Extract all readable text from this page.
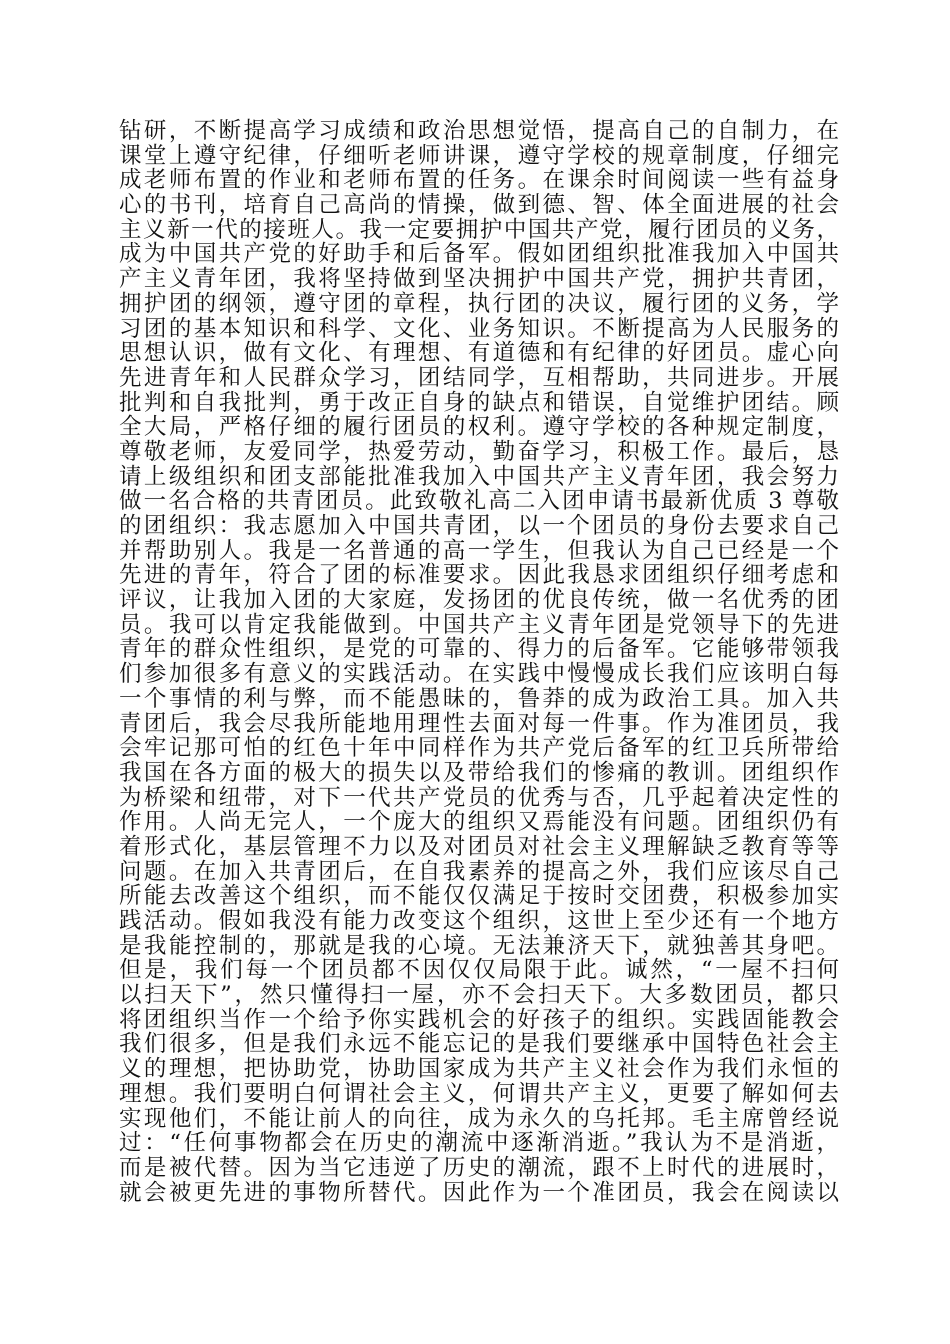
钻研，不断提高学习成绩和政治思想觉悟，提高自己的自制力，在
课堂上遵守纪律，仔细听老师讲课，遵守学校的规章制度，仔细完
成老师布置的作业和老师布置的任务。在课余时间阅读一些有益身
心的书刊，培育自己高尚的情操，做到德、智、体全面进展的社会
主义新一代的接班人。我一定要拥护中国共产党，履行团员的义务，
成为中国共产党的好助手和后备军。假如团组织批准我加入中国共
产主义青年团，我将坚持做到坚决拥护中国共产党，拥护共青团，
拥护团的纲领，遵守团的章程，执行团的决议，履行团的义务，学
习团的基本知识和科学、文化、业务知识。不断提高为人民服务的
思想认识，做有文化、有理想、有道德和有纪律的好团员。虚心向
先进青年和人民群众学习，团结同学，互相帮助，共同进步。开展
批判和自我批判，勇于改正自身的缺点和错误，自觉维护团结。顾
全大局，严格仔细的履行团员的权利。遵守学校的各种规定制度，
尊敬老师，友爱同学，热爱劳动，勤奋学习，积极工作。最后，恳
请上级组织和团支部能批准我加入中国共产主义青年团，我会努力
做一名合格的共青团员。此致敬礼高二入团申请书最新优质 3 尊敬
的团组织：我志愿加入中国共青团，以一个团员的身份去要求自己
并帮助别人。我是一名普通的高一学生，但我认为自己已经是一个
先进的青年，符合了团的标准要求。因此我恳求团组织仔细考虑和
评议，让我加入团的大家庭，发扬团的优良传统，做一名优秀的团
员。我可以肯定我能做到。中国共产主义青年团是党领导下的先进
青年的群众性组织，是党的可靠的、得力的后备军。它能够带领我
们参加很多有意义的实践活动。在实践中慢慢成长我们应该明白每
一个事情的利与弊，而不能愚昧的，鲁莽的成为政治工具。加入共
青团后，我会尽我所能地用理性去面对每一件事。作为准团员，我
会牢记那可怕的红色十年中同样作为共产党后备军的红卫兵所带给
我国在各方面的极大的损失以及带给我们的惨痛的教训。团组织作
为桥梁和纽带，对下一代共产党员的优秀与否，几乎起着决定性的
作用。人尚无完人，一个庞大的组织又焉能没有问题。团组织仍有
着形式化，基层管理不力以及对团员对社会主义理解缺乏教育等等
问题。在加入共青团后，在自我素养的提高之外，我们应该尽自己
所能去改善这个组织，而不能仅仅满足于按时交团费，积极参加实
践活动。假如我没有能力改变这个组织，这世上至少还有一个地方
是我能控制的，那就是我的心境。无法兼济天下，就独善其身吧。
但是，我们每一个团员都不因仅仅局限于此。诚然，“一屋不扫何
以扫天下”，然只懂得扫一屋，亦不会扫天下。大多数团员，都只
将团组织当作一个给予你实践机会的好孩子的组织。实践固能教会
我们很多，但是我们永远不能忘记的是我们要继承中国特色社会主
义的理想，把协助党，协助国家成为共产主义社会作为我们永恒的
理想。我们要明白何谓社会主义，何谓共产主义，更要了解如何去
实现他们，不能让前人的向往，成为永久的乌托邦。毛主席曾经说
过：“任何事物都会在历史的潮流中逐渐消逝。”我认为不是消逝，
而是被代替。因为当它违逆了历史的潮流，跟不上时代的进展时，
就会被更先进的事物所替代。因此作为一个准团员，我会在阅读以
